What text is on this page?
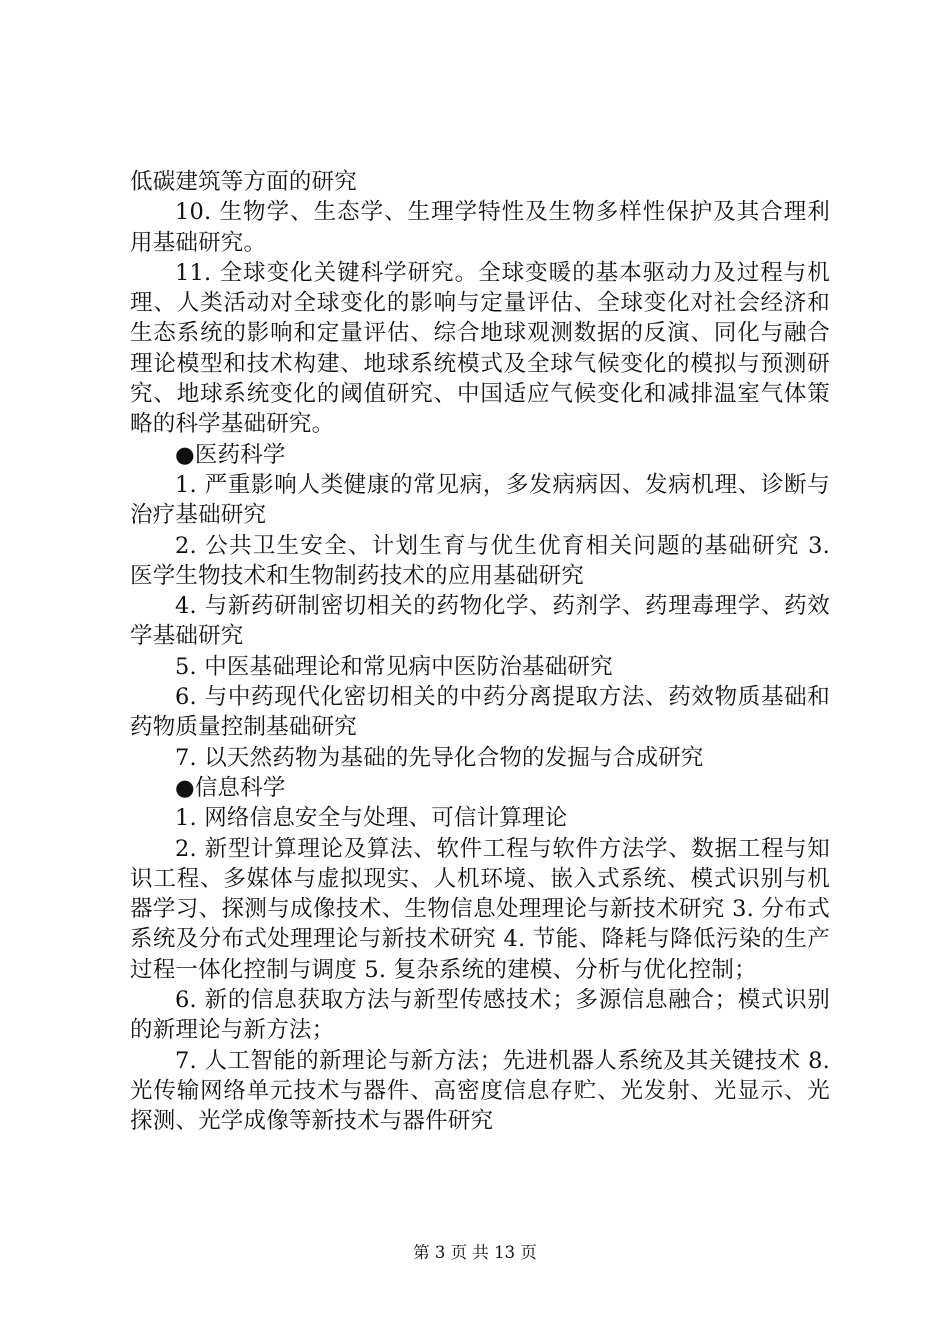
低碳建筑等方面的研究

10. 生物学、生态学、生理学特性及生物多样性保护及其合理利用基础研究。

11. 全球变化关键科学研究。全球变暖的基本驱动力及过程与机理、人类活动对全球变化的影响与定量评估、全球变化对社会经济和生态系统的影响和定量评估、综合地球观测数据的反演、同化与融合理论模型和技术构建、地球系统模式及全球气候变化的模拟与预测研究、地球系统变化的阈值研究、中国适应气候变化和减排温室气体策略的科学基础研究。

●医药科学

1. 严重影响人类健康的常见病，多发病病因、发病机理、诊断与治疗基础研究

2. 公共卫生安全、计划生育与优生优育相关问题的基础研究 3. 医学生物技术和生物制药技术的应用基础研究

4. 与新药研制密切相关的药物化学、药剂学、药理毒理学、药效学基础研究

5. 中医基础理论和常见病中医防治基础研究

6. 与中药现代化密切相关的中药分离提取方法、药效物质基础和药物质量控制基础研究

7. 以天然药物为基础的先导化合物的发掘与合成研究

●信息科学

1. 网络信息安全与处理、可信计算理论

2. 新型计算理论及算法、软件工程与软件方法学、数据工程与知识工程、多媒体与虚拟现实、人机环境、嵌入式系统、模式识别与机器学习、探测与成像技术、生物信息处理理论与新技术研究 3. 分布式系统及分布式处理理论与新技术研究 4. 节能、降耗与降低污染的生产过程一体化控制与调度 5. 复杂系统的建模、分析与优化控制；

6. 新的信息获取方法与新型传感技术；多源信息融合；模式识别的新理论与新方法；

7. 人工智能的新理论与新方法；先进机器人系统及其关键技术 8. 光传输网络单元技术与器件、高密度信息存贮、光发射、光显示、光探测、光学成像等新技术与器件研究

第 3 页 共 13 页
